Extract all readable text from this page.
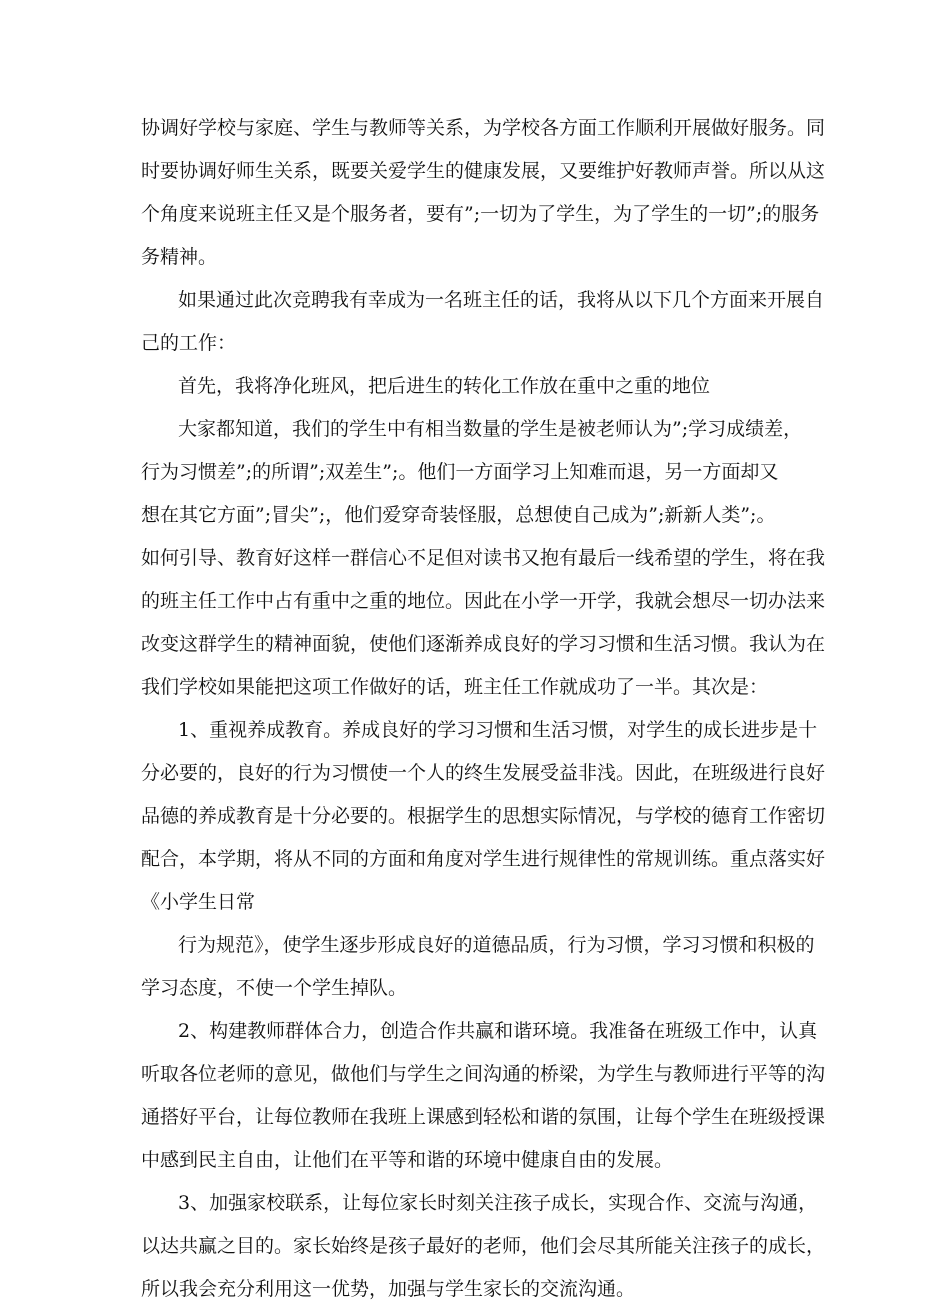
协调好学校与家庭、学生与教师等关系，为学校各方面工作顺利开展做好服务。同
时要协调好师生关系，既要关爱学生的健康发展，又要维护好教师声誉。所以从这
个角度来说班主任又是个服务者，要有”;一切为了学生，为了学生的一切”;的服务
务精神。
如果通过此次竞聘我有幸成为一名班主任的话，我将从以下几个方面来开展自
己的工作：
首先，我将净化班风，把后进生的转化工作放在重中之重的地位
大家都知道，我们的学生中有相当数量的学生是被老师认为”;学习成绩差，
行为习惯差”;的所谓”;双差生”;。他们一方面学习上知难而退，另一方面却又
想在其它方面”;冒尖”;，他们爱穿奇装怪服，总想使自己成为”;新新人类”;。
如何引导、教育好这样一群信心不足但对读书又抱有最后一线希望的学生，将在我
的班主任工作中占有重中之重的地位。因此在小学一开学，我就会想尽一切办法来
改变这群学生的精神面貌，使他们逐渐养成良好的学习习惯和生活习惯。我认为在
我们学校如果能把这项工作做好的话，班主任工作就成功了一半。其次是：
1、重视养成教育。养成良好的学习习惯和生活习惯，对学生的成长进步是十
分必要的，良好的行为习惯使一个人的终生发展受益非浅。因此，在班级进行良好
品德的养成教育是十分必要的。根据学生的思想实际情况，与学校的德育工作密切
配合，本学期，将从不同的方面和角度对学生进行规律性的常规训练。重点落实好
《小学生日常
行为规范》，使学生逐步形成良好的道德品质，行为习惯，学习习惯和积极的
学习态度，不使一个学生掉队。
2、构建教师群体合力，创造合作共赢和谐环境。我准备在班级工作中，认真
听取各位老师的意见，做他们与学生之间沟通的桥梁，为学生与教师进行平等的沟
通搭好平台，让每位教师在我班上课感到轻松和谐的氛围，让每个学生在班级授课
中感到民主自由，让他们在平等和谐的环境中健康自由的发展。
3、加强家校联系，让每位家长时刻关注孩子成长，实现合作、交流与沟通，
以达共赢之目的。家长始终是孩子最好的老师，他们会尽其所能关注孩子的成长，
所以我会充分利用这一优势，加强与学生家长的交流沟通。
